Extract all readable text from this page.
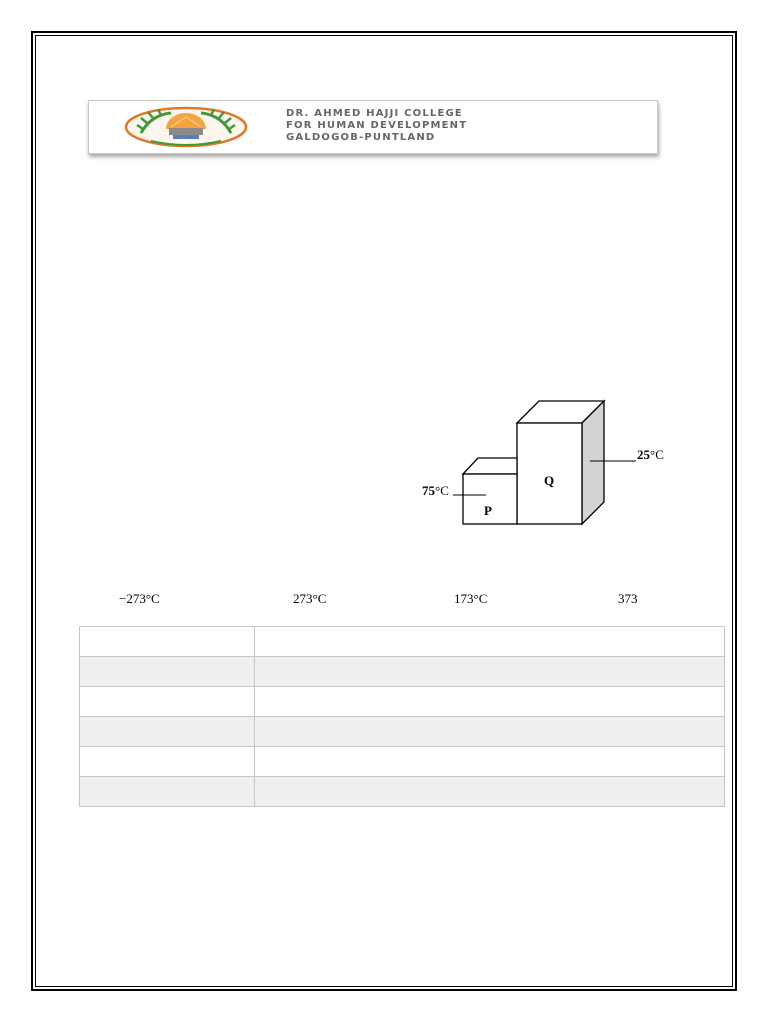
DR. AHMED HAJJI COLLEGE
FOR HUMAN DEVELOPMENT
GALDOGOB-PUNTLAND
Q
P
75°C
25°C
−273°C	273°C	173°C	373
